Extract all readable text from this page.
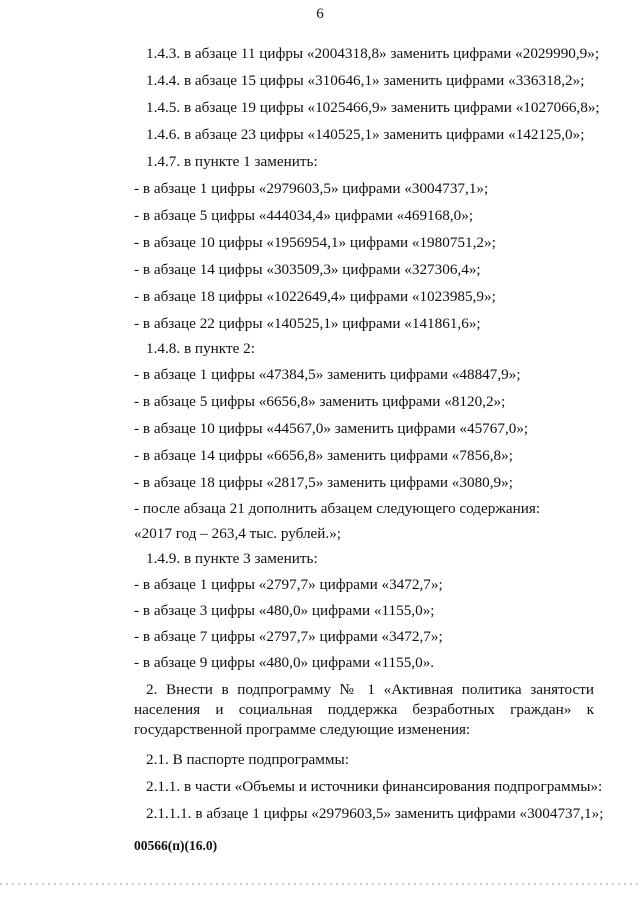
6
1.4.3. в абзаце 11 цифры «2004318,8» заменить цифрами «2029990,9»;
1.4.4. в абзаце 15 цифры «310646,1» заменить цифрами «336318,2»;
1.4.5. в абзаце 19 цифры «1025466,9» заменить цифрами «1027066,8»;
1.4.6. в абзаце 23 цифры «140525,1» заменить цифрами «142125,0»;
1.4.7. в пункте 1 заменить:
- в абзаце 1 цифры «2979603,5» цифрами «3004737,1»;
- в абзаце 5 цифры «444034,4» цифрами «469168,0»;
- в абзаце 10 цифры «1956954,1» цифрами «1980751,2»;
- в абзаце 14 цифры «303509,3» цифрами «327306,4»;
- в абзаце 18 цифры «1022649,4» цифрами «1023985,9»;
- в абзаце 22 цифры «140525,1» цифрами «141861,6»;
1.4.8. в пункте 2:
- в абзаце 1 цифры «47384,5» заменить цифрами «48847,9»;
- в абзаце 5 цифры «6656,8» заменить цифрами «8120,2»;
- в абзаце 10 цифры «44567,0» заменить цифрами «45767,0»;
- в абзаце 14 цифры «6656,8» заменить цифрами «7856,8»;
- в абзаце 18 цифры «2817,5» заменить цифрами «3080,9»;
- после абзаца 21 дополнить абзацем следующего содержания:
«2017 год – 263,4 тыс. рублей.»;
1.4.9. в пункте 3 заменить:
- в абзаце 1 цифры «2797,7» цифрами «3472,7»;
- в абзаце 3 цифры «480,0» цифрами «1155,0»;
- в абзаце 7 цифры «2797,7» цифрами «3472,7»;
- в абзаце 9 цифры «480,0» цифрами «1155,0».
2. Внести в подпрограмму № 1 «Активная политика занятости населения и социальная поддержка безработных граждан» к государственной программе следующие изменения:
2.1. В паспорте подпрограммы:
2.1.1. в части «Объемы и источники финансирования подпрограммы»:
2.1.1.1. в абзаце 1 цифры «2979603,5» заменить цифрами «3004737,1»;
00566(п)(16.0)
